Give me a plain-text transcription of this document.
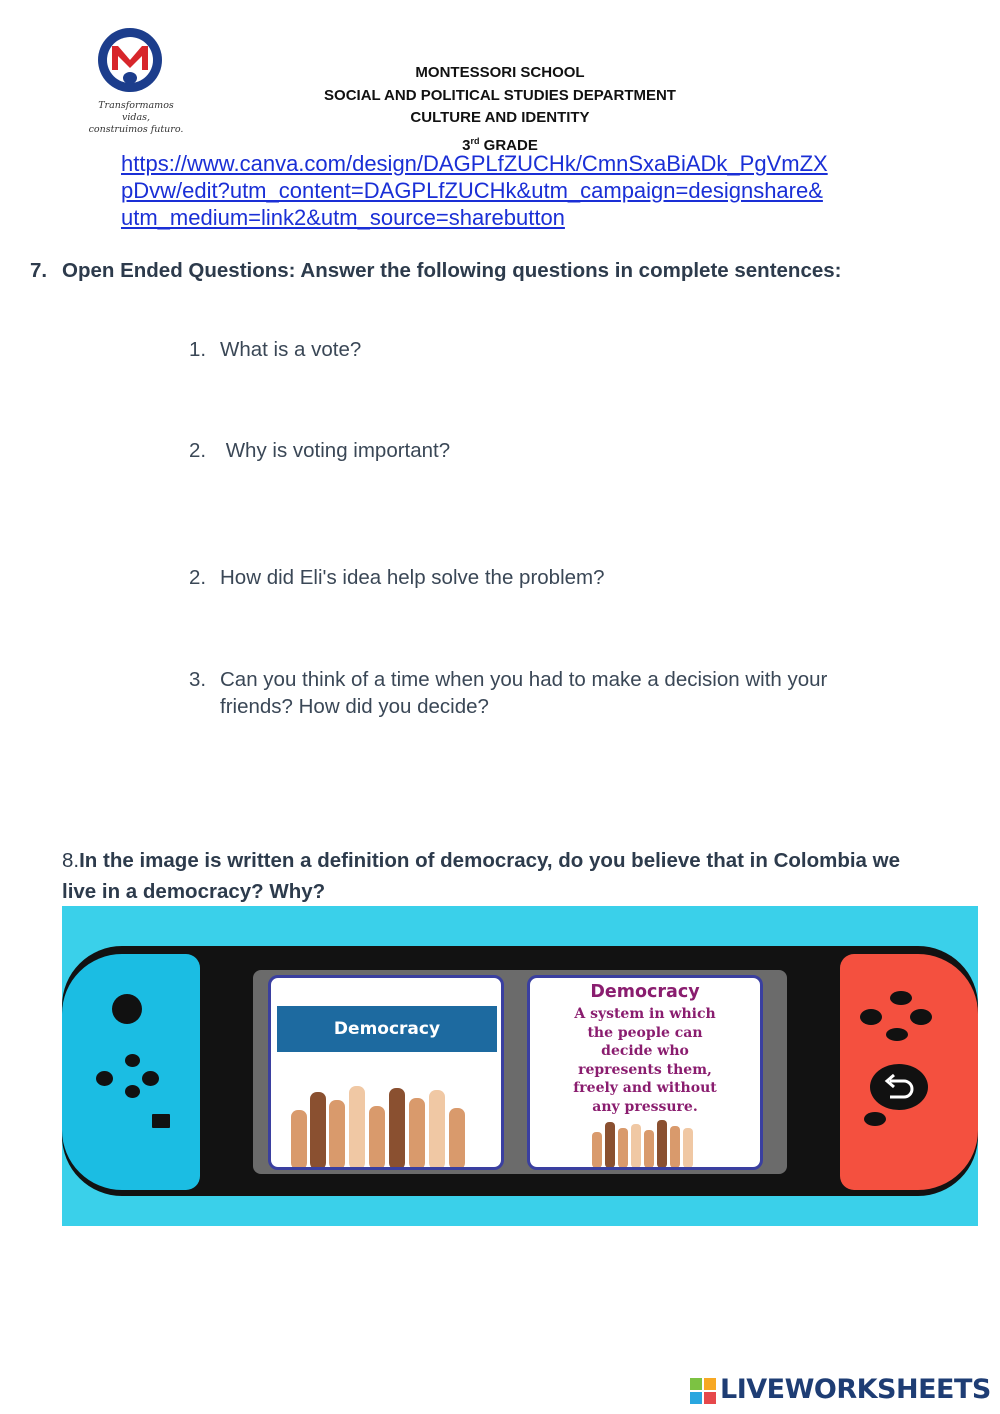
Transformamos vidas,
construimos futuro.
MONTESSORI SCHOOL
SOCIAL AND POLITICAL STUDIES DEPARTMENT
CULTURE AND IDENTITY
3rd GRADE
https://www.canva.com/design/DAGPLfZUCHk/CmnSxaBiADk_PgVmZX
pDvw/edit?utm_content=DAGPLfZUCHk&utm_campaign=designshare&
utm_medium=link2&utm_source=sharebutton
7. Open Ended Questions: Answer the following questions in complete sentences:
1. What is a vote?
2. Why is voting important?
2. How did Eli's idea help solve the problem?
3. Can you think of a time when you had to make a decision with your friends? How did you decide?
8.In the image is written a definition of democracy, do you believe that in Colombia we live in a democracy? Why?
Democracy
Democracy
A system in which
the people can
decide who
represents them,
freely and without
any pressure.
LIVEWORKSHEETS
